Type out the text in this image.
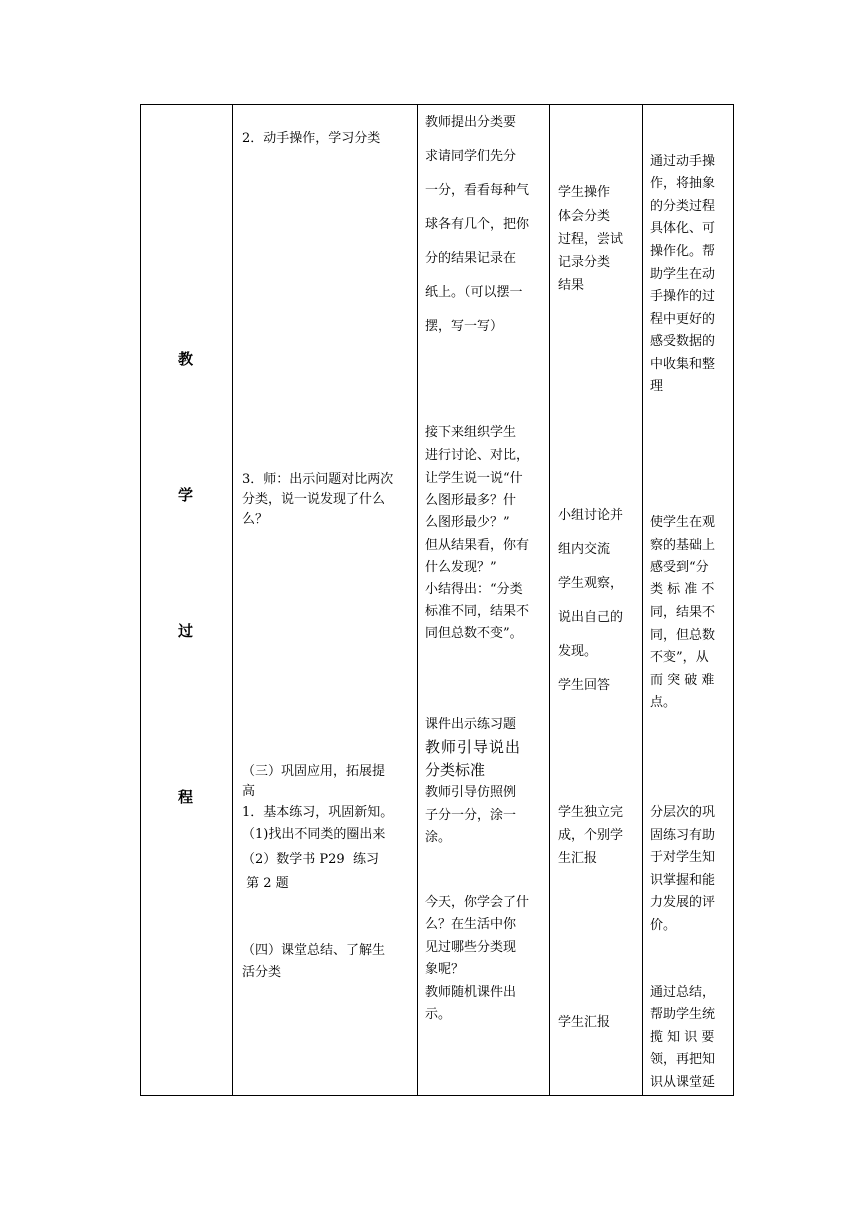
教
学
过
程
2．动手操作，学习分类
3．师：出示问题对比两次
分类，说一说发现了什么
么？
（三）巩固应用，拓展提
高
1．基本练习，巩固新知。
（1)找出不同类的圈出来
（2）数学书 P29  练习
第 2 题
（四）课堂总结、了解生
活分类
教师提出分类要
求请同学们先分
一分，看看每种气
球各有几个，把你
分的结果记录在
纸上。（可以摆一
摆，写一写）
接下来组织学生
进行讨论、对比，
让学生说一说“什
么图形最多？什
么图形最少？”
但从结果看，你有
什么发现？”
小结得出：“分类
标准不同，结果不
同但总数不变”。
课件出示练习题
教师引导说出
分类标准
教师引导仿照例
子分一分，涂一
涂。
今天，你学会了什
么？在生活中你
见过哪些分类现
象呢？
教师随机课件出
示。
学生操作
体会分类
过程，尝试
记录分类
结果
小组讨论并
组内交流
学生观察，
说出自己的
发现。
学生回答
学生独立完
成，个别学
生汇报
学生汇报
通过动手操
作，将抽象
的分类过程
具体化、可
操作化。帮
助学生在动
手操作的过
程中更好的
感受数据的
中收集和整
理
使学生在观
察的基础上
感受到“分
类 标 准 不
同，结果不
同，但总数
不变”，从
而 突 破 难
点。
分层次的巩
固练习有助
于对学生知
识掌握和能
力发展的评
价。
通过总结，
帮助学生统
揽 知 识 要
领，再把知
识从课堂延
